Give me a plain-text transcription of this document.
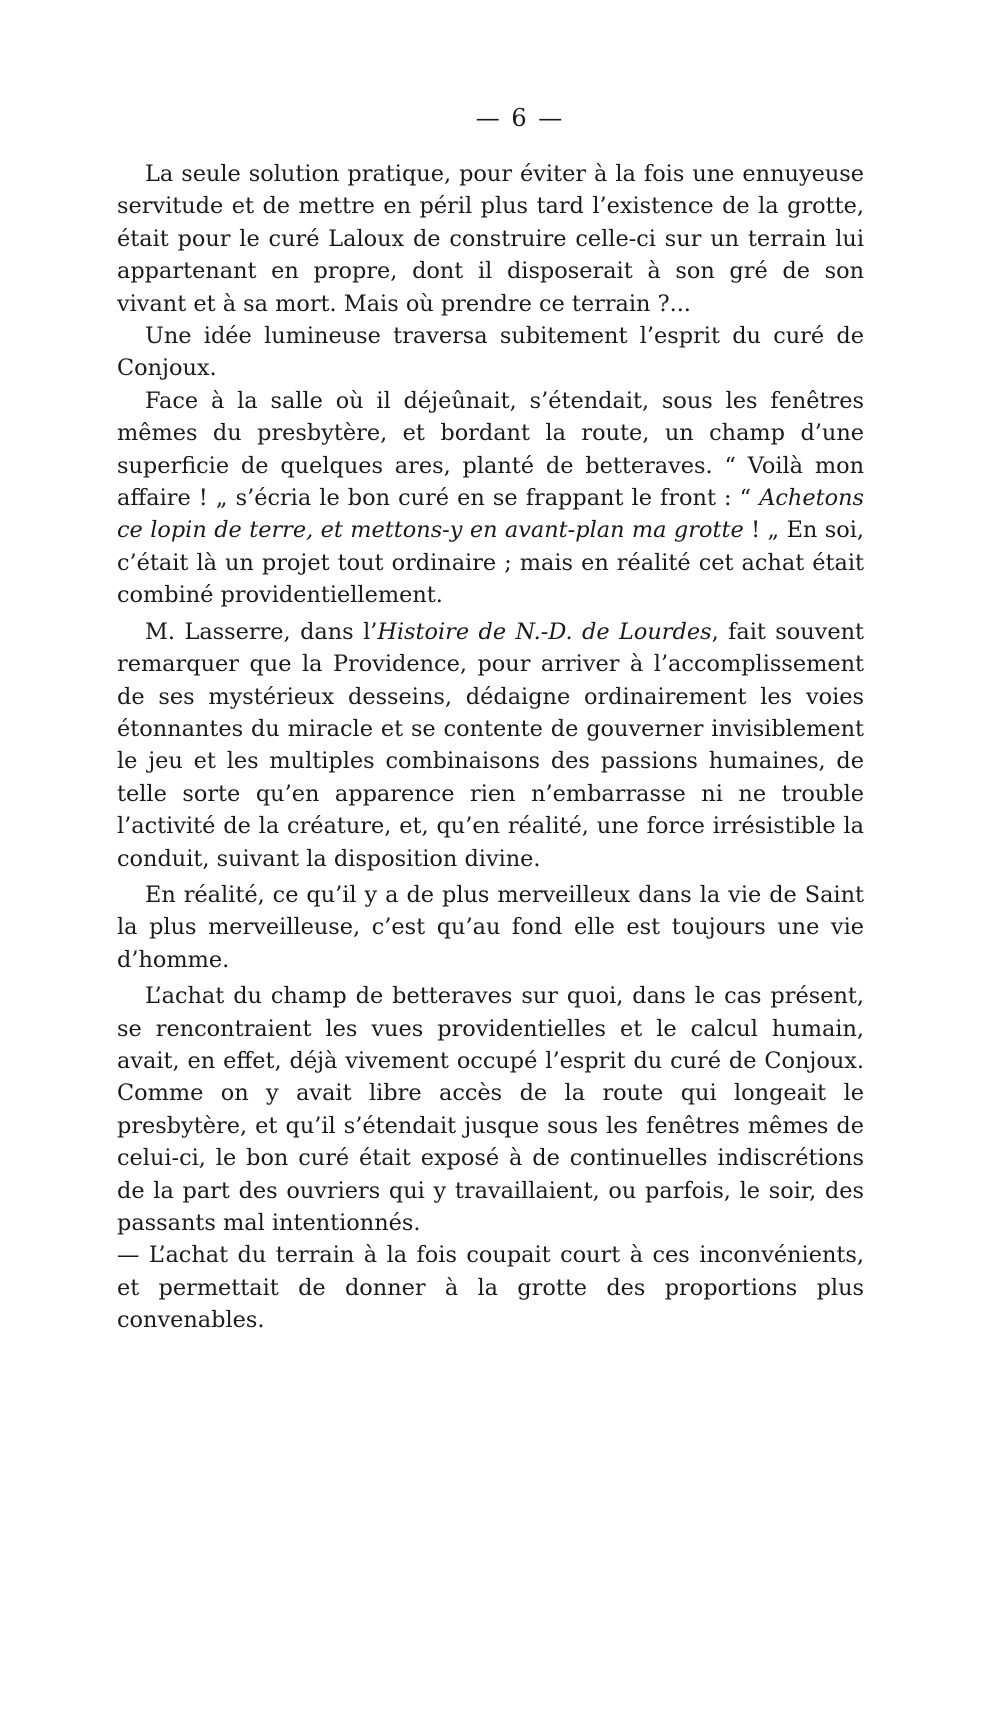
— 6 —

La seule solution pratique, pour éviter à la fois une ennuyeuse servitude et de mettre en péril plus tard l’existence de la grotte, était pour le curé Laloux de construire celle-ci sur un terrain lui appartenant en propre, dont il disposerait à son gré de son vivant et à sa mort. Mais où prendre ce terrain ?...

Une idée lumineuse traversa subitement l’esprit du curé de Conjoux.

Face à la salle où il déjeûnait, s’étendait, sous les fenêtres mêmes du presbytère, et bordant la route, un champ d’une superficie de quelques ares, planté de betteraves. “ Voilà mon affaire ! „ s’écria le bon curé en se frappant le front : “ Achetons ce lopin de terre, et mettons-y en avant-plan ma grotte ! „ En soi, c’était là un projet tout ordinaire ; mais en réalité cet achat était combiné providentiellement.

M. Lasserre, dans l’Histoire de N.-D. de Lourdes, fait souvent remarquer que la Providence, pour arriver à l’accomplissement de ses mystérieux desseins, dédaigne ordinairement les voies étonnantes du miracle et se contente de gouverner invisiblement le jeu et les multiples combinaisons des passions humaines, de telle sorte qu’en apparence rien n’embarrasse ni ne trouble l’activité de la créature, et, qu’en réalité, une force irrésistible la conduit, suivant la disposition divine.

En réalité, ce qu’il y a de plus merveilleux dans la vie de Saint la plus merveilleuse, c’est qu’au fond elle est toujours une vie d’homme.

L’achat du champ de betteraves sur quoi, dans le cas présent, se rencontraient les vues providentielles et le calcul humain, avait, en effet, déjà vivement occupé l’esprit du curé de Conjoux. Comme on y avait libre accès de la route qui longeait le presbytère, et qu’il s’étendait jusque sous les fenêtres mêmes de celui-ci, le bon curé était exposé à de continuelles indiscrétions de la part des ouvriers qui y travaillaient, ou parfois, le soir, des passants mal intentionnés.

— L’achat du terrain à la fois coupait court à ces inconvénients, et permettait de donner à la grotte des proportions plus convenables.
